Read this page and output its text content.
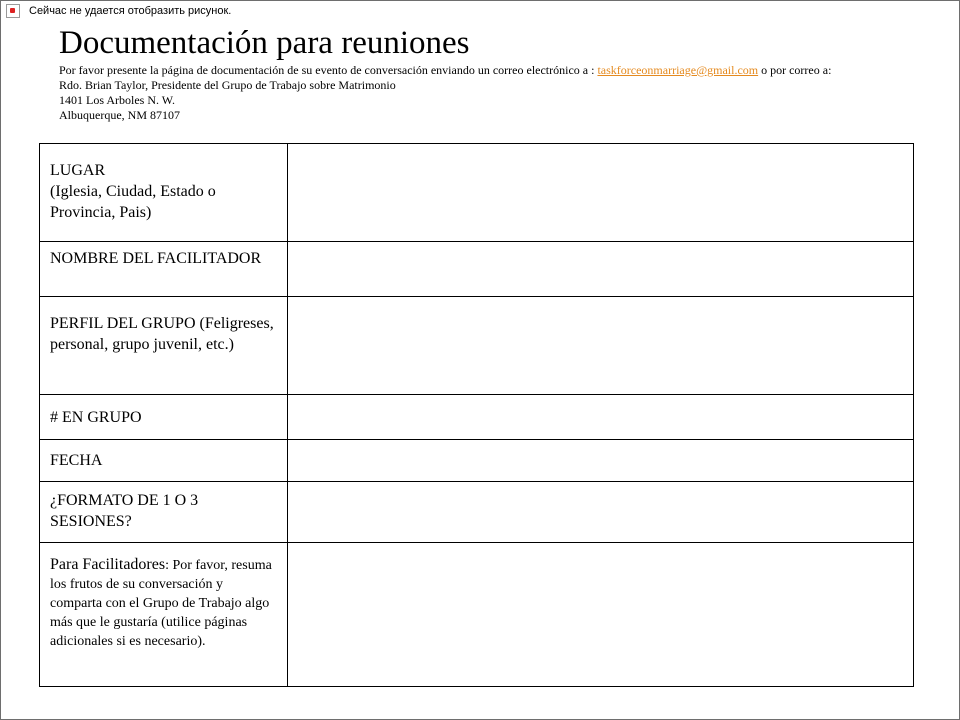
Сейчас не удается отобразить рисунок.
Documentación para reuniones
Por favor presente la página de documentación de su evento de conversación enviando un correo electrónico a : taskforceonmarriage@gmail.com o por correo a:
Rdo. Brian Taylor, Presidente del Grupo de Trabajo sobre Matrimonio
1401 Los Arboles N. W.
Albuquerque, NM 87107
LUGAR
(Iglesia, Ciudad, Estado o Provincia, Pais)	
NOMBRE DEL FACILITADOR	
PERFIL DEL GRUPO (Feligreses, personal, grupo juvenil, etc.)	
# EN GRUPO	
FECHA	
¿FORMATO DE 1 O 3 SESIONES?	
Para Facilitadores: Por favor, resuma los frutos de su conversación y comparta con el Grupo de Trabajo algo más que le gustaría (utilice páginas adicionales si es necesario).	
